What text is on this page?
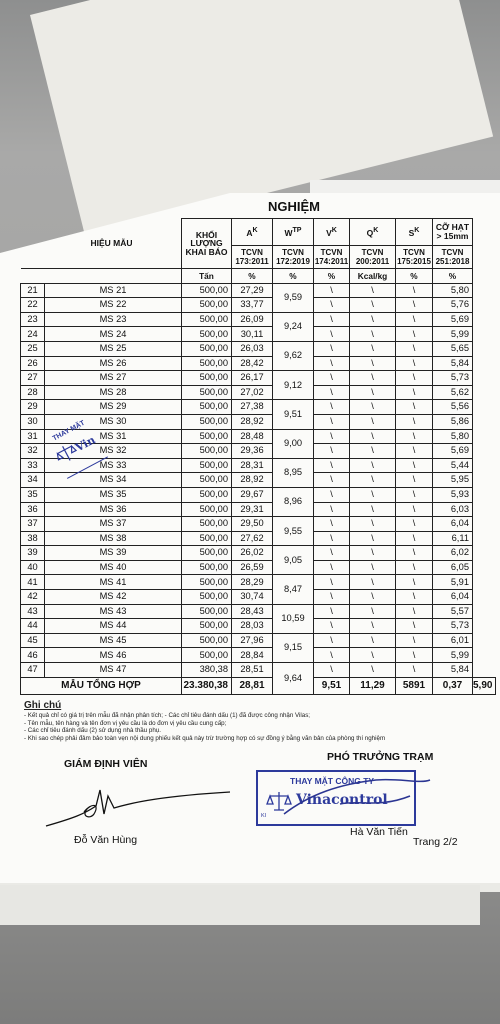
NGHIỆM
HIỆU MẪU		KHỐI
LƯỢNG
KHAI BÁO	$A^K$	$W^{TP}$	$V^K$	$Q^K$	$S^K$	CỠ HẠT > 15mm	
			TCVN 173:2011	TCVN 172:2019	TCVN 174:2011	TCVN 200:2011	TCVN 175:2015	TCVN 251:2018	
		Tấn	%	%	%	Kcal/kg	%	%	
21	MS 21	500,00	27,29	9,59	\	\	\	5,80	
22	MS 22	500,00	33,77		\	\	\	5,76	
23	MS 23	500,00	26,09	9,24	\	\	\	5,69	
24	MS 24	500,00	30,11		\	\	\	5,99	
25	MS 25	500,00	26,03	9,62	\	\	\	5,65	
26	MS 26	500,00	28,42		\	\	\	5,84	
27	MS 27	500,00	26,17	9,12	\	\	\	5,73	
28	MS 28	500,00	27,02		\	\	\	5,62	
29	MS 29	500,00	27,38	9,51	\	\	\	5,56	
30	MS 30	500,00	28,92		\	\	\	5,86	
31	MS 31	500,00	28,48	9,00	\	\	\	5,80	
32	MS 32	500,00	29,36		\	\	\	5,69	
33	MS 33	500,00	28,31	8,95	\	\	\	5,44	
34	MS 34	500,00	28,92		\	\	\	5,95	
35	MS 35	500,00	29,67	8,96	\	\	\	5,93	
36	MS 36	500,00	29,31		\	\	\	6,03	
37	MS 37	500,00	29,50	9,55	\	\	\	6,04	
38	MS 38	500,00	27,62		\	\	\	6,11	
39	MS 39	500,00	26,02	9,05	\	\	\	6,02	
40	MS 40	500,00	26,59		\	\	\	6,05	
41	MS 41	500,00	28,29	8,47	\	\	\	5,91	
42	MS 42	500,00	30,74		\	\	\	6,04	
43	MS 43	500,00	28,43	10,59	\	\	\	5,57	
44	MS 44	500,00	28,03		\	\	\	5,73	
45	MS 45	500,00	27,96	9,15	\	\	\	6,01	
46	MS 46	500,00	28,84		\	\	\	5,99	
47	MS 47	380,38	28,51	9,64	\	\	\	5,84	
MẪU TỔNG HỢP		23.380,38	28,81		9,51	11,29	5891	0,37	5,90
Ghi chú
- Kết quả chỉ có giá trị trên mẫu đã nhận phân tích; - Các chỉ tiêu đánh dấu (1) đã được công nhận Vilas;
- Tên mẫu, tên hàng và tên đơn vị yêu cầu là do đơn vị yêu cầu cung cấp;
- Các chỉ tiêu đánh dấu (2) sử dụng nhà thầu phụ.
- Khi sao chép phải đảm bảo toàn vẹn nội dung phiếu kết quả này trừ trường hợp có sự đồng ý bằng văn bản của phòng thí nghiệm
GIÁM ĐỊNH VIÊN
PHÓ TRƯỞNG TRẠM
THAY MẶT CÔNG TY
Vinacontrol
KI
THAY MẶT
Vin
Đỗ Văn Hùng
Hà Văn Tiến
Trang 2/2
